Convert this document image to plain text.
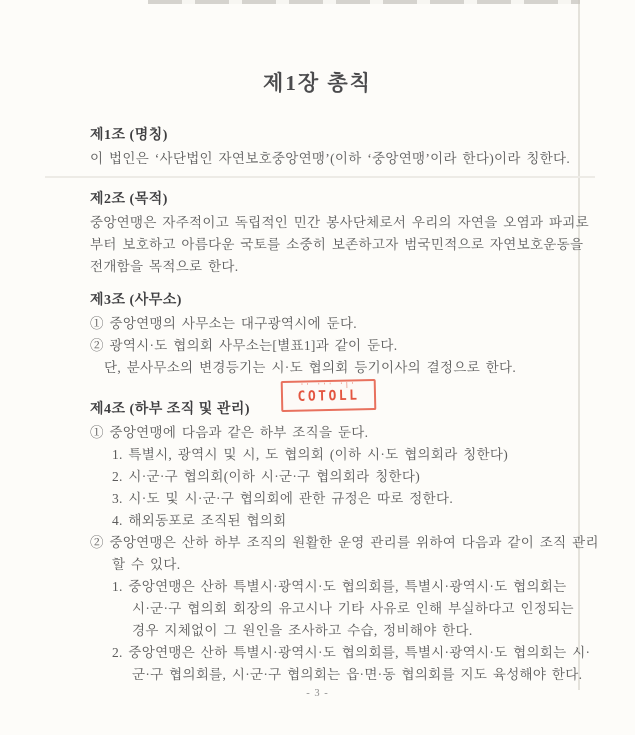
제1장 총칙
제1조 (명칭)
이 법인은 ‘사단법인 자연보호중앙연맹’(이하 ‘중앙연맹’이라 한다)이라 칭한다.
제2조 (목적)
중앙연맹은 자주적이고 독립적인 민간 봉사단체로서 우리의 자연을 오염과 파괴로
부터 보호하고 아름다운 국토를 소중히 보존하고자 범국민적으로 자연보호운동을
전개함을 목적으로 한다.
제3조 (사무소)
① 중앙연맹의 사무소는 대구광역시에 둔다.
② 광역시·도 협의회 사무소는[별표1]과 같이 둔다.
단, 분사무소의 변경등기는 시·도 협의회 등기이사의 결정으로 한다.
제4조 (하부 조직 및 관리)
① 중앙연맹에 다음과 같은 하부 조직을 둔다.
1. 특별시, 광역시 및 시, 도 협의회 (이하 시·도 협의회라 칭한다)
2. 시·군·구 협의회(이하 시·군·구 협의회라 칭한다)
3. 시·도 및 시·군·구 협의회에 관한 규정은 따로 정한다.
4. 해외동포로 조직된 협의회
② 중앙연맹은 산하 하부 조직의 원활한 운영 관리를 위하여 다음과 같이 조직 관리
할 수 있다.
1. 중앙연맹은 산하 특별시·광역시·도 협의회를, 특별시·광역시·도 협의회는
시·군·구 협의회 회장의 유고시나 기타 사유로 인해 부실하다고 인정되는
경우 지체없이 그 원인을 조사하고 수습, 정비해야 한다.
2. 중앙연맹은 산하 특별시·광역시·도 협의회를, 특별시·광역시·도 협의회는 시·
군·구 협의회를, 시·군·구 협의회는 읍·면·동 협의회를 지도 육성해야 한다.
'' ''' '|'
COTOLL
- 3 -
